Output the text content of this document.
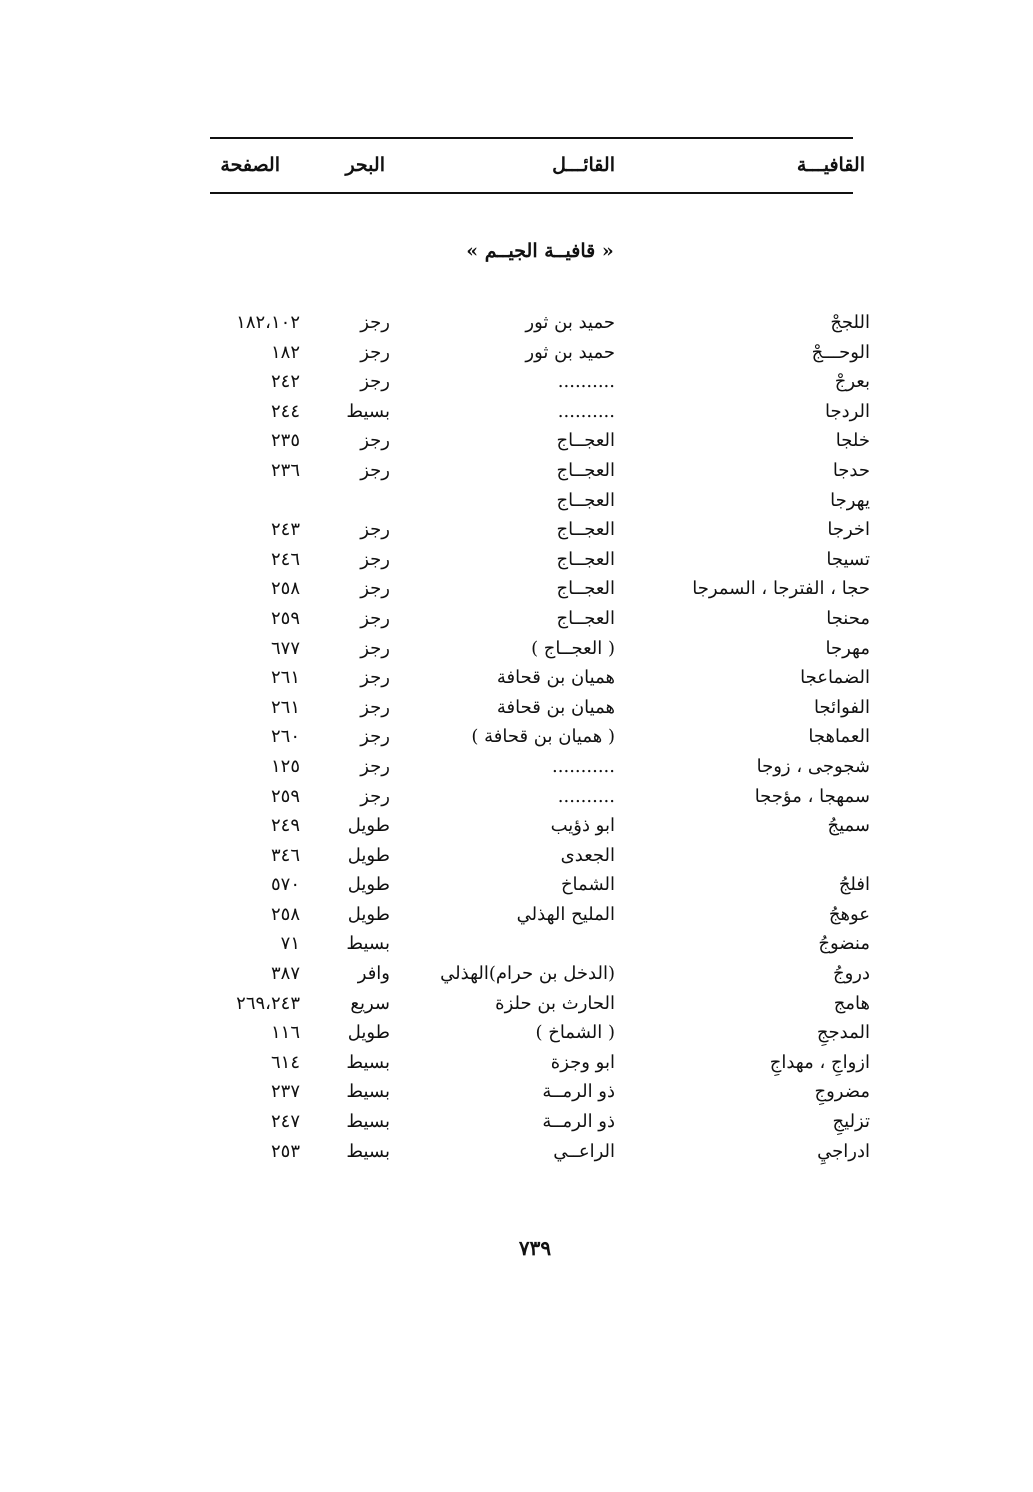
القافيـــة
القائـــل
البحر
الصفحة
« قافيــة الجيــم »
اللججْ
حميد بن ثور
رجز
١٨٢،١٠٢
الوحـــجْ
حميد بن ثور
رجز
١٨٢
بعرجْ
..........
رجز
٢٤٢
الردجا
..........
بسيط
٢٤٤
خلجا
العجــاج
رجز
٢٣٥
حدجا
العجــاج
رجز
٢٣٦
يهرجا
العجــاج
اخرجا
العجــاج
رجز
٢٤٣
تسيجا
العجــاج
رجز
٢٤٦
حجا ، الفترجا ، السمرجا
العجــاج
رجز
٢٥٨
محنجا
العجــاج
رجز
٢٥٩
مهرجا
( العجــاج )
رجز
٦٧٧
الضماعجا
هميان بن قحافة
رجز
٢٦١
الفوائجا
هميان بن قحافة
رجز
٢٦١
العماهجا
( هميان بن قحافة )
رجز
٢٦٠
شجوجى ، زوجا
...........
رجز
١٢٥
سمهجا ، مؤججا
..........
رجز
٢٥٩
سميجُ
ابو ذؤيب
طويل
٢٤٩
الجعدى
طويل
٣٤٦
افلجُ
الشماخ
طويل
٥٧٠
عوهجُ
المليح الهذلي
طويل
٢٥٨
منضوجُ
بسيط
٧١
دروجُ
(الدخل بن حرام)الهذلي
وافر
٣٨٧
هامج
الحارث بن حلزة
سريع
٢٦٩،٢٤٣
المدججِ
( الشماخ )
طويل
١١٦
ازواجِ ، مهداجِ
ابو وجزة
بسيط
٦١٤
مضروجِ
ذو الرمــة
بسيط
٢٣٧
تزليجِ
ذو الرمــة
بسيط
٢٤٧
ادراجيِ
الراعــي
بسيط
٢٥٣
٧٣٩
